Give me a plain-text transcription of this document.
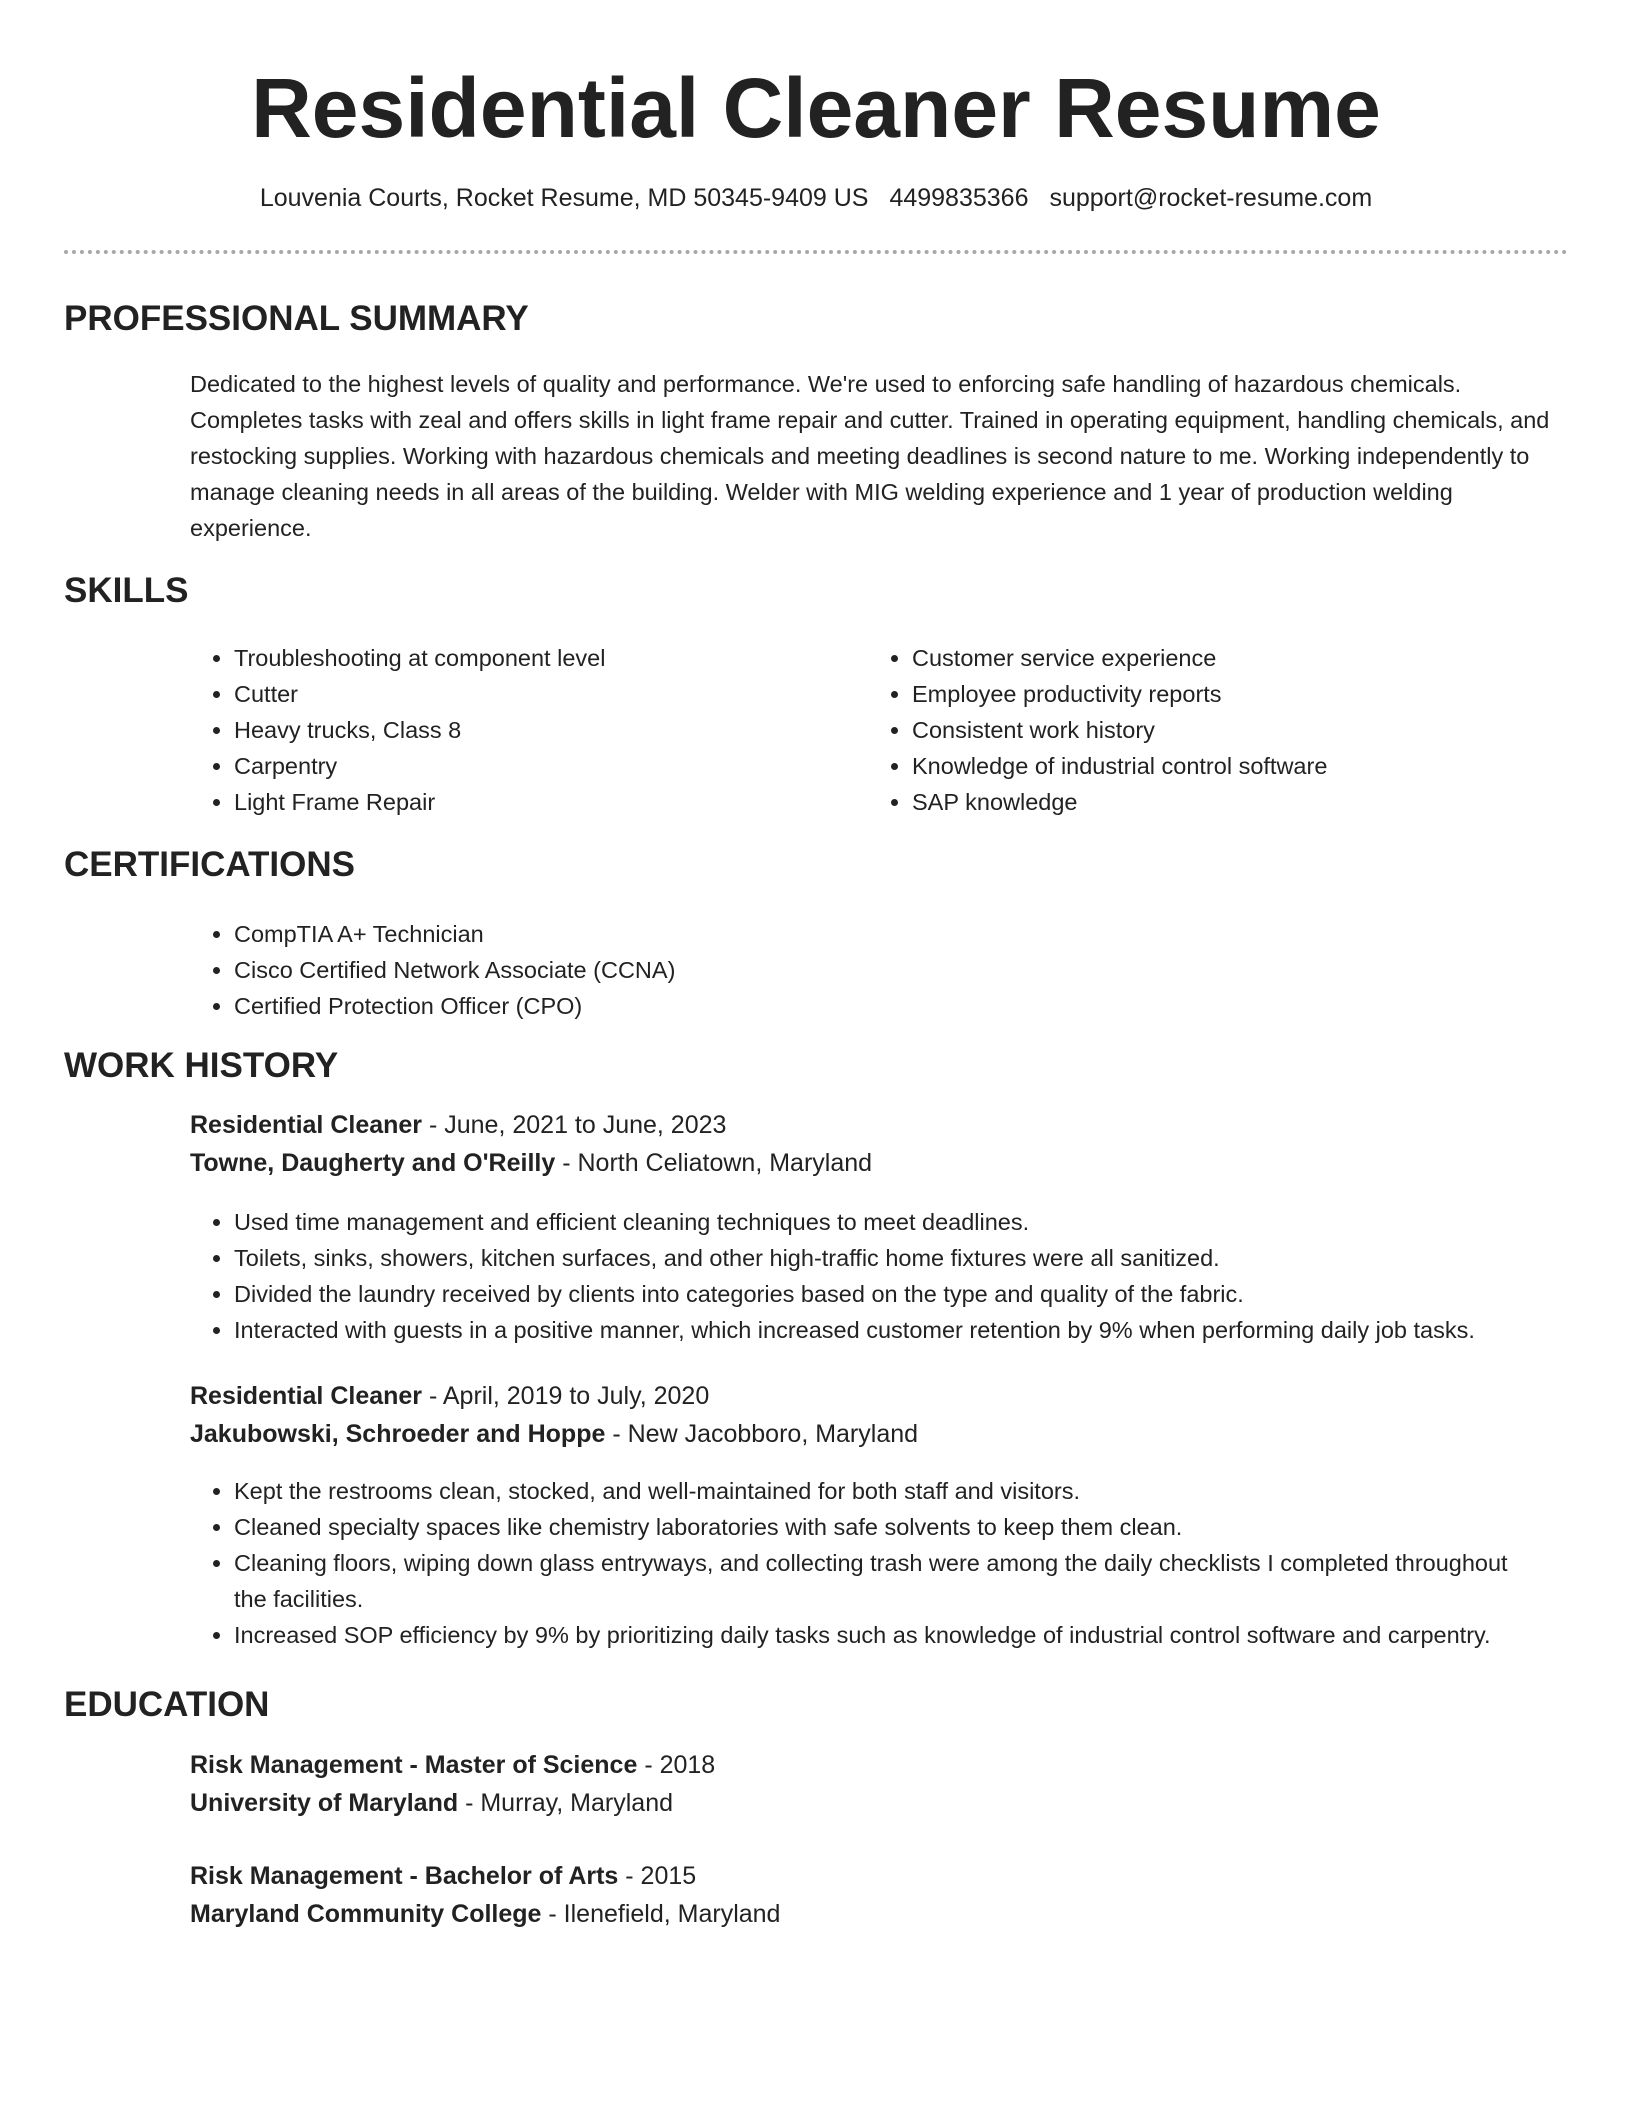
Residential Cleaner Resume
Louvenia Courts, Rocket Resume, MD 50345-9409 US 4499835366 support@rocket-resume.com
PROFESSIONAL SUMMARY

Dedicated to the highest levels of quality and performance. We're used to enforcing safe handling of hazardous chemicals. Completes tasks with zeal and offers skills in light frame repair and cutter. Trained in operating equipment, handling chemicals, and restocking supplies. Working with hazardous chemicals and meeting deadlines is second nature to me. Working independently to manage cleaning needs in all areas of the building. Welder with MIG welding experience and 1 year of production welding experience.

SKILLS
• Troubleshooting at component level
• Cutter
• Heavy trucks, Class 8
• Carpentry
• Light Frame Repair
• Customer service experience
• Employee productivity reports
• Consistent work history
• Knowledge of industrial control software
• SAP knowledge
CERTIFICATIONS
• CompTIA A+ Technician
• Cisco Certified Network Associate (CCNA)
• Certified Protection Officer (CPO)
WORK HISTORY
Residential Cleaner - June, 2021 to June, 2023
Towne, Daugherty and O'Reilly - North Celiatown, Maryland
• Used time management and efficient cleaning techniques to meet deadlines.
• Toilets, sinks, showers, kitchen surfaces, and other high-traffic home fixtures were all sanitized.
• Divided the laundry received by clients into categories based on the type and quality of the fabric.
• Interacted with guests in a positive manner, which increased customer retention by 9% when performing daily job tasks.
Residential Cleaner - April, 2019 to July, 2020
Jakubowski, Schroeder and Hoppe - New Jacobboro, Maryland
• Kept the restrooms clean, stocked, and well-maintained for both staff and visitors.
• Cleaned specialty spaces like chemistry laboratories with safe solvents to keep them clean.
• Cleaning floors, wiping down glass entryways, and collecting trash were among the daily checklists I completed throughout the facilities.
• Increased SOP efficiency by 9% by prioritizing daily tasks such as knowledge of industrial control software and carpentry.
EDUCATION
Risk Management - Master of Science - 2018
University of Maryland - Murray, Maryland
Risk Management - Bachelor of Arts - 2015
Maryland Community College - Ilenefield, Maryland
